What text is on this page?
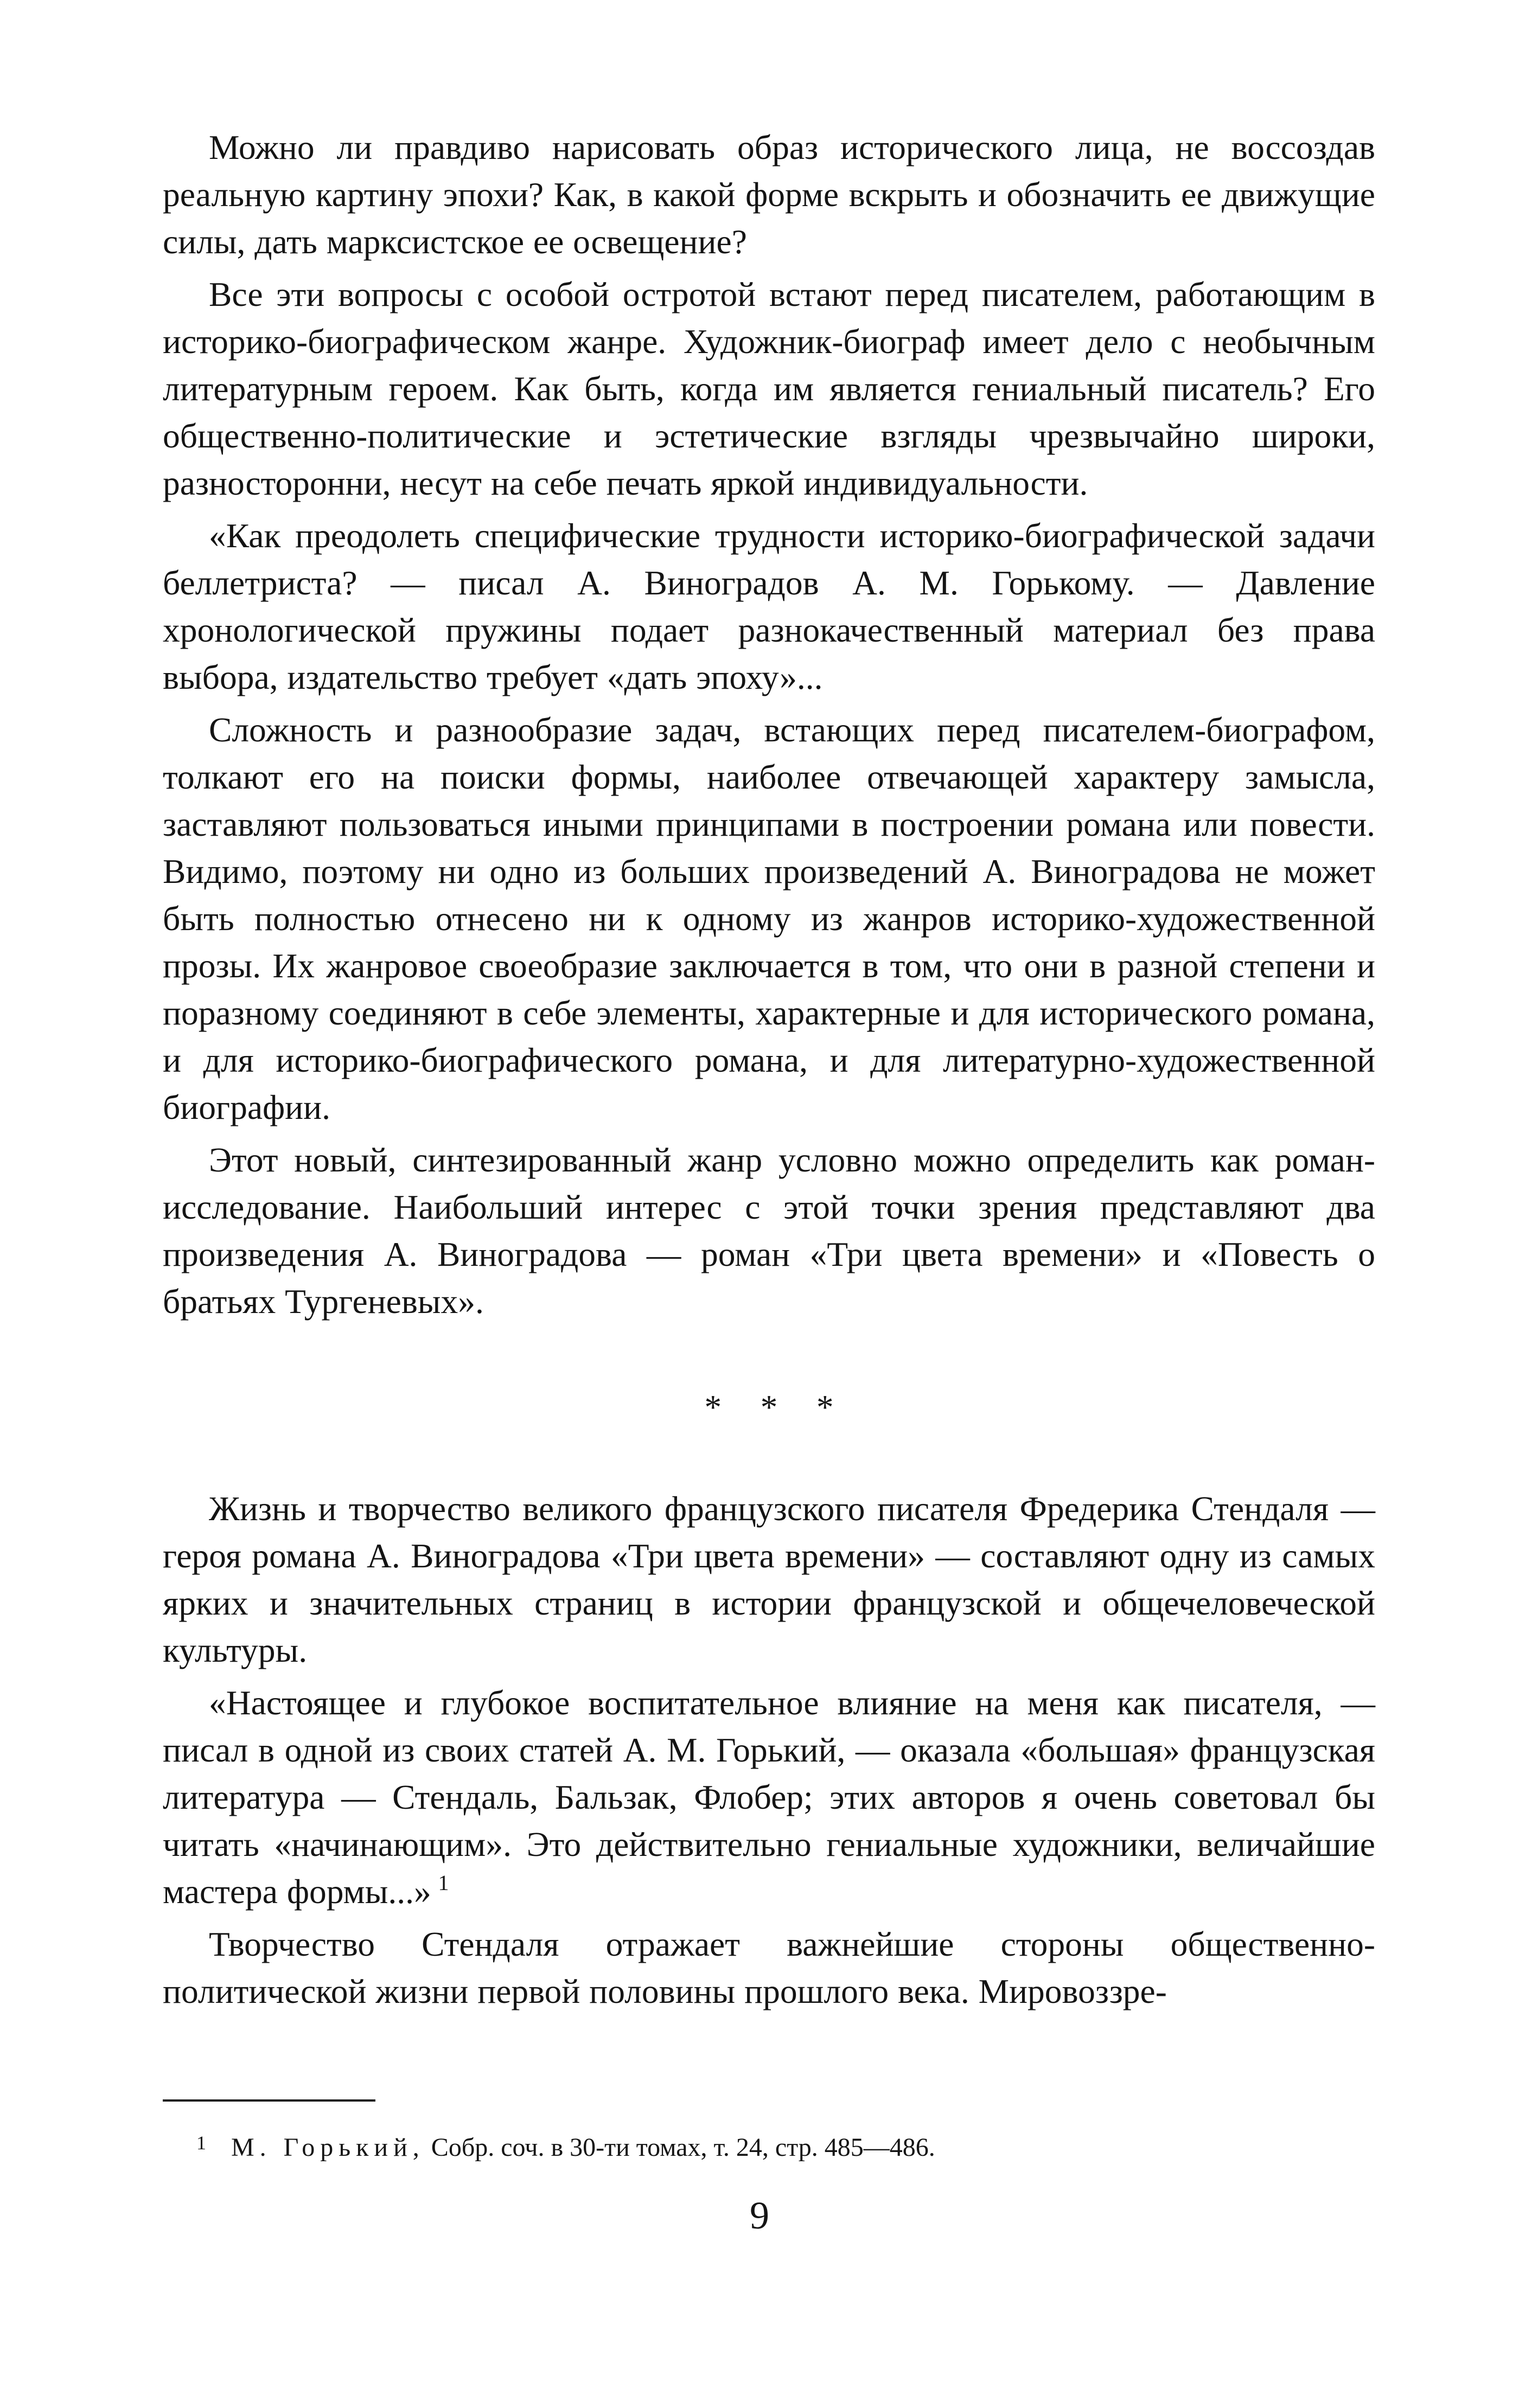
Можно ли правдиво нарисовать образ исторического лица, не воссоздав реальную картину эпохи? Как, в какой форме вскрыть и обозначить ее движущие силы, дать марксистское ее освещение?

Все эти вопросы с особой остротой встают перед писателем, работающим в историко-биографическом жанре. Художник-биограф имеет дело с необычным литературным героем. Как быть, когда им является гениальный писатель? Его общественно-политические и эстетические взгляды чрезвычайно широки, разносторонни, несут на себе печать яркой индивидуальности.

«Как преодолеть специфические трудности историко-биографической задачи беллетриста? — писал А. Виноградов А. М. Горькому. — Давление хронологической пружины подает разнокачественный материал без права выбора, издательство требует «дать эпоху»...

Сложность и разнообразие задач, встающих перед писателем-биографом, толкают его на поиски формы, наиболее отвечающей характеру замысла, заставляют пользоваться иными принципами в построении романа или повести. Видимо, поэтому ни одно из больших произведений А. Виноградова не может быть полностью отнесено ни к одному из жанров историко-художественной прозы. Их жанровое своеобразие заключается в том, что они в разной степени и поразному соединяют в себе элементы, характерные и для исторического романа, и для историко-биографического романа, и для литературно-художественной биографии.

Этот новый, синтезированный жанр условно можно определить как роман-исследование. Наибольший интерес с этой точки зрения представляют два произведения А. Виноградова — роман «Три цвета времени» и «Повесть о братьях Тургеневых».

* * *

Жизнь и творчество великого французского писателя Фредерика Стендаля — героя романа А. Виноградова «Три цвета времени» — составляют одну из самых ярких и значительных страниц в истории французской и общечеловеческой культуры.

«Настоящее и глубокое воспитательное влияние на меня как писателя, — писал в одной из своих статей А. М. Горький, — оказала «большая» французская литература — Стендаль, Бальзак, Флобер; этих авторов я очень советовал бы читать «начинающим». Это действительно гениальные художники, величайшие мастера формы...»  $^1$

Творчество Стендаля отражает важнейшие стороны общественно-политической жизни первой половины прошлого века. Мировоззре-

1 М. Горький, Собр. соч. в 30-ти томах, т. 24, стр. 485—486.
9
